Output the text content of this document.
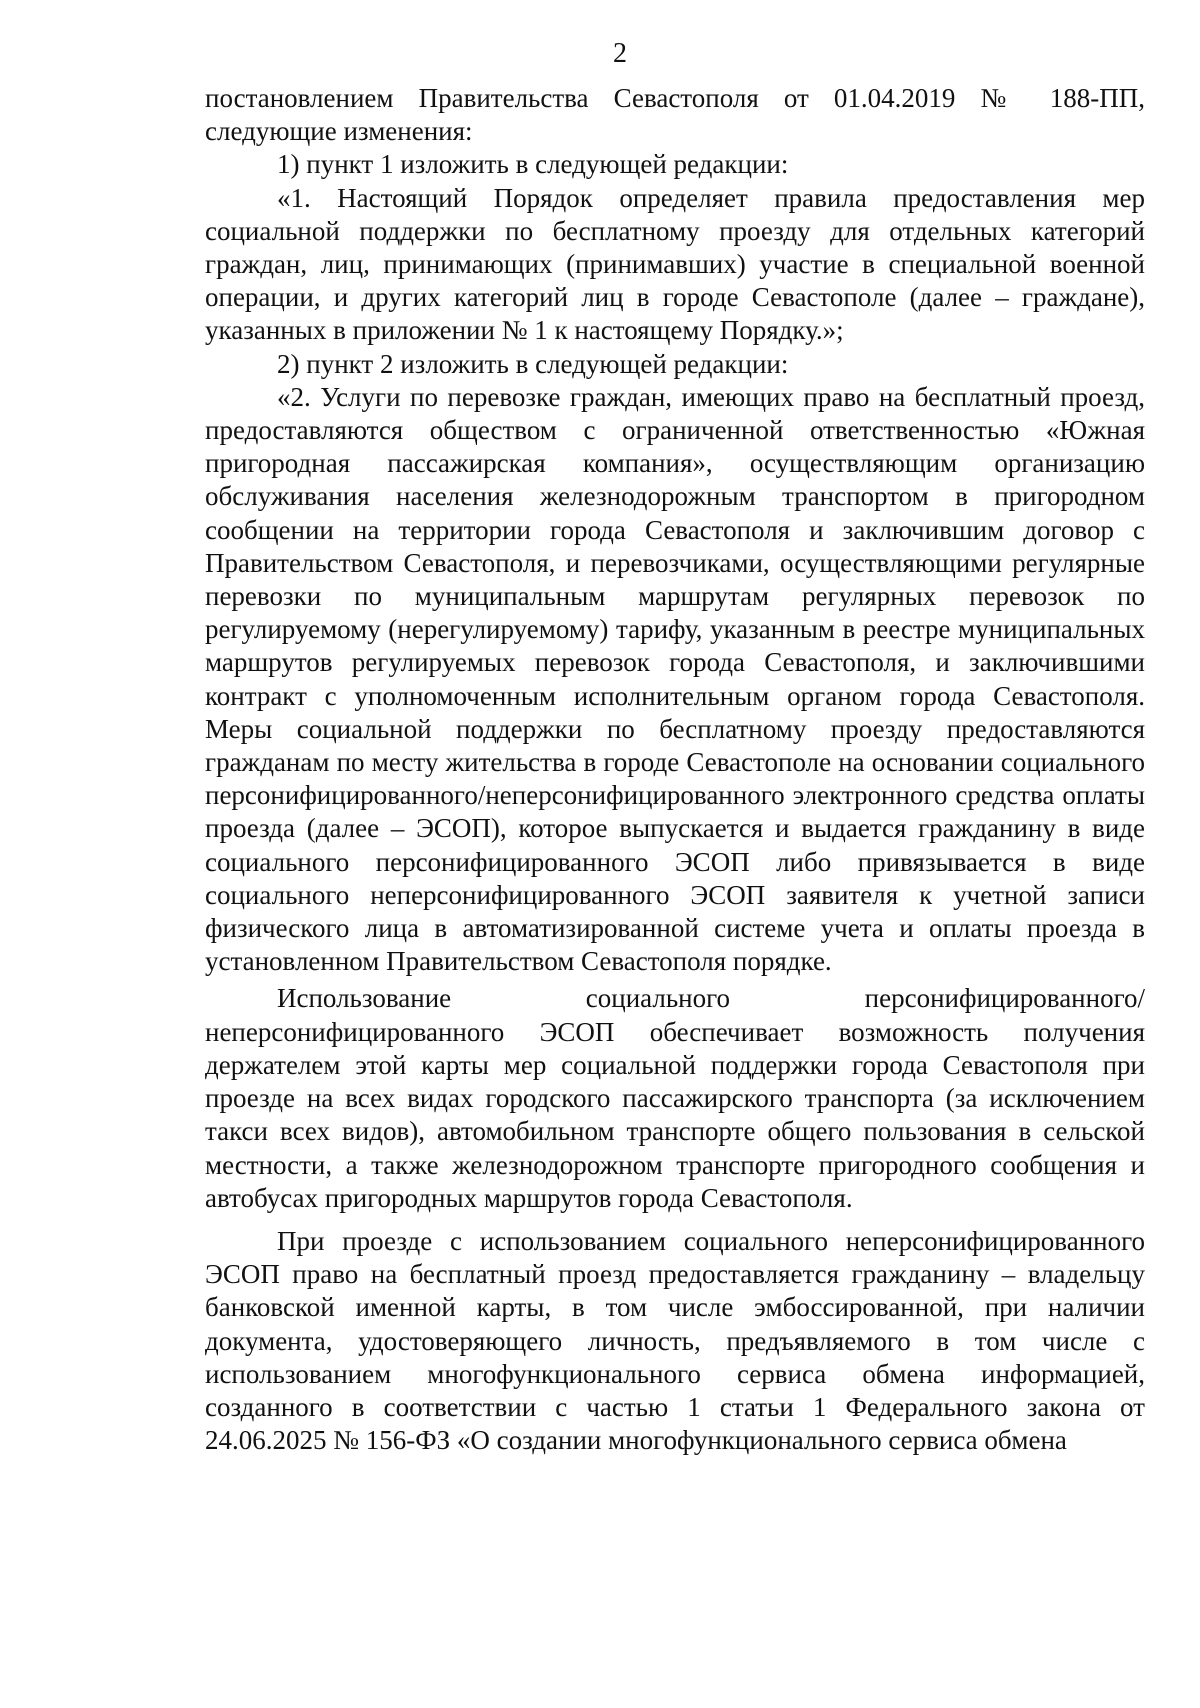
2

постановлением Правительства Севастополя от 01.04.2019 № 188-ПП, следующие изменения:

1) пункт 1 изложить в следующей редакции:

«1. Настоящий Порядок определяет правила предоставления мер социальной поддержки по бесплатному проезду для отдельных категорий граждан, лиц, принимающих (принимавших) участие в специальной военной операции, и других категорий лиц в городе Севастополе (далее – граждане), указанных в приложении № 1 к настоящему Порядку.»;

2) пункт 2 изложить в следующей редакции:

«2. Услуги по перевозке граждан, имеющих право на бесплатный проезд, предоставляются обществом с ограниченной ответственностью «Южная пригородная пассажирская компания», осуществляющим организацию обслуживания населения железнодорожным транспортом в пригородном сообщении на территории города Севастополя и заключившим договор с Правительством Севастополя, и перевозчиками, осуществляющими регулярные перевозки по муниципальным маршрутам регулярных перевозок по регулируемому (нерегулируемому) тарифу, указанным в реестре муниципальных маршрутов регулируемых перевозок города Севастополя, и заключившими контракт с уполномоченным исполнительным органом города Севастополя. Меры социальной поддержки по бесплатному проезду предоставляются гражданам по месту жительства в городе Севастополе на основании социального персонифицированного/неперсонифицированного электронного средства оплаты проезда (далее – ЭСОП), которое выпускается и выдается гражданину в виде социального персонифицированного ЭСОП либо привязывается в виде социального неперсонифицированного ЭСОП заявителя к учетной записи физического лица в автоматизированной системе учета и оплаты проезда в установленном Правительством Севастополя порядке.

Использование социального персонифицированного/ неперсонифицированного ЭСОП обеспечивает возможность получения держателем этой карты мер социальной поддержки города Севастополя при проезде на всех видах городского пассажирского транспорта (за исключением такси всех видов), автомобильном транспорте общего пользования в сельской местности, а также железнодорожном транспорте пригородного сообщения и автобусах пригородных маршрутов города Севастополя.

При проезде с использованием социального неперсонифицированного ЭСОП право на бесплатный проезд предоставляется гражданину – владельцу банковской именной карты, в том числе эмбоссированной, при наличии документа, удостоверяющего личность, предъявляемого в том числе с использованием многофункционального сервиса обмена информацией, созданного в соответствии с частью 1 статьи 1 Федерального закона от 24.06.2025 № 156-ФЗ «О создании многофункционального сервиса обмена
